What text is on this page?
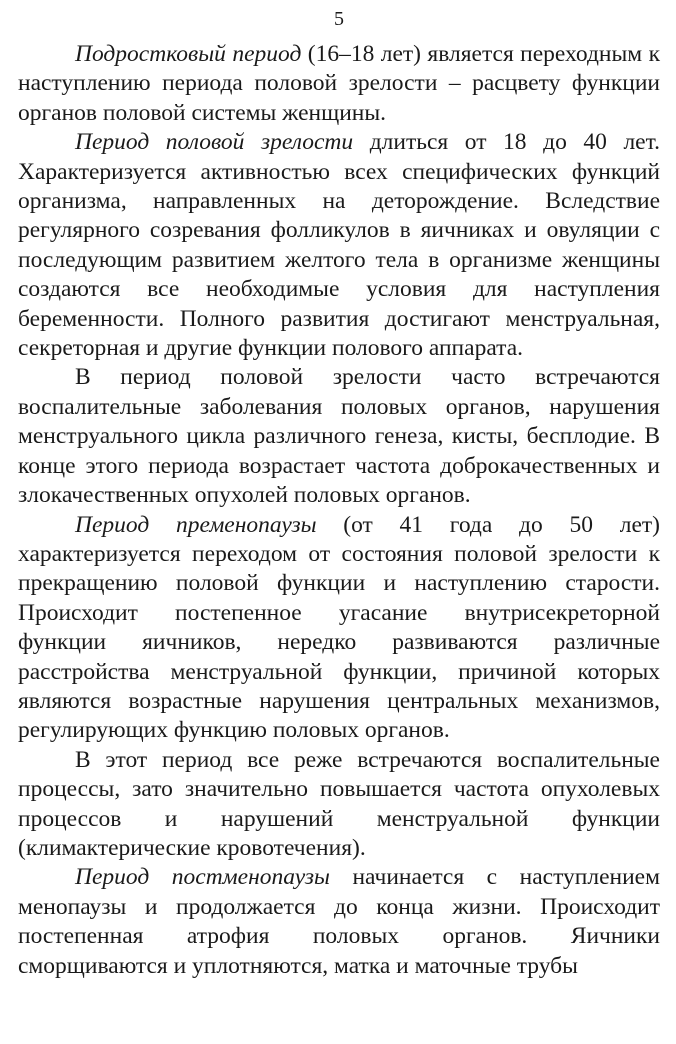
5

Подростковый период (16–18 лет) является переходным к наступлению периода половой зрелости – расцвету функции органов половой системы женщины.

Период половой зрелости длиться от 18 до 40 лет. Характеризуется активностью всех специфических функций организма, направленных на деторождение. Вследствие регулярного созревания фолликулов в яичниках и овуляции с последующим развитием желтого тела в организме женщины создаются все необходимые условия для наступления беременности. Полного развития достигают менструальная, секреторная и другие функции полового аппарата.

В период половой зрелости часто встречаются воспалительные заболевания половых органов, нарушения менструального цикла различного генеза, кисты, бесплодие. В конце этого периода возрастает частота доброкачественных и злокачественных опухолей половых органов.

Период пременопаузы (от 41 года до 50 лет) характеризуется переходом от состояния половой зрелости к прекращению половой функции и наступлению старости. Происходит постепенное угасание внутрисекреторной функции яичников, нередко развиваются различные расстройства менструальной функции, причиной которых являются возрастные нарушения центральных механизмов, регулирующих функцию половых органов.

В этот период все реже встречаются воспалительные процессы, зато значительно повышается частота опухолевых процессов и нарушений менструальной функции (климактерические кровотечения).

Период постменопаузы начинается с наступлением менопаузы и продолжается до конца жизни. Происходит постепенная атрофия половых органов. Яичники сморщиваются и уплотняются, матка и маточные трубы
